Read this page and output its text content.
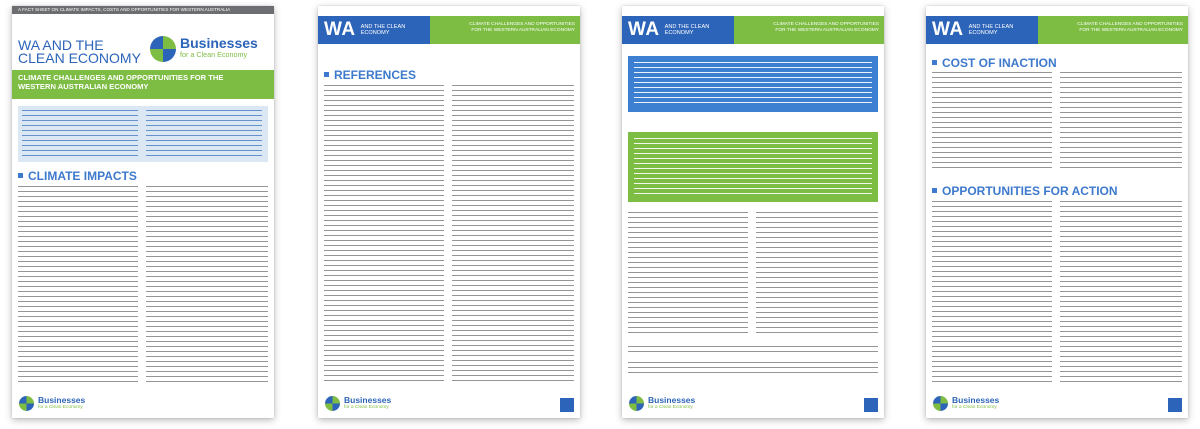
A FACT SHEET ON CLIMATE IMPACTS, COSTS AND OPPORTUNITIES FOR WESTERN AUSTRALIA
WA AND THE
CLEAN ECONOMY
Businesses
for a Clean Economy
CLIMATE CHALLENGES AND OPPORTUNITIES FOR THE
WESTERN AUSTRALIAN ECONOMY
CLIMATE IMPACTS
Businesses
for a Clean Economy
WA AND THE CLEAN
ECONOMY
CLIMATE CHALLENGES AND OPPORTUNITIES
FOR THE WESTERN AUSTRALIAN ECONOMY
REFERENCES
Businesses
for a Clean Economy
WA AND THE CLEAN
ECONOMY
CLIMATE CHALLENGES AND OPPORTUNITIES
FOR THE WESTERN AUSTRALIAN ECONOMY
Businesses
for a Clean Economy
WA AND THE CLEAN
ECONOMY
CLIMATE CHALLENGES AND OPPORTUNITIES
FOR THE WESTERN AUSTRALIAN ECONOMY
COST OF INACTION
OPPORTUNITIES FOR ACTION
Businesses
for a Clean Economy
